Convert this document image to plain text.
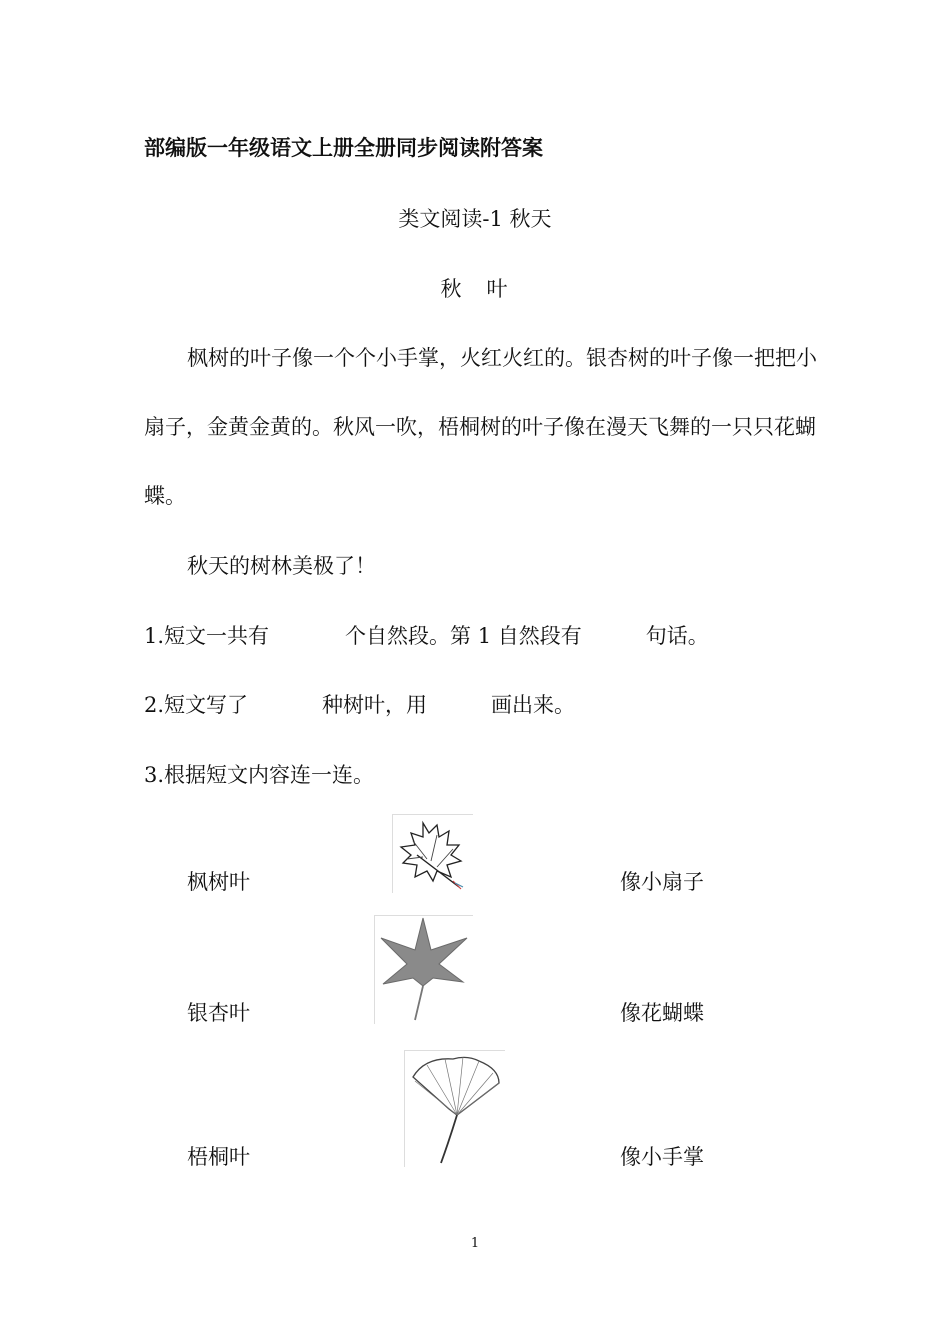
部编版一年级语文上册全册同步阅读附答案
类文阅读-1 秋天
秋　叶
枫树的叶子像一个个小手掌，火红火红的。银杏树的叶子像一把把小
扇子，金黄金黄的。秋风一吹，梧桐树的叶子像在漫天飞舞的一只只花蝴
蝶。
秋天的树林美极了！
1.短文一共有	个自然段。第 1 自然段有	句话。
2.短文写了	种树叶，用	画出来。
3.根据短文内容连一连。
枫树叶
银杏叶
梧桐叶
像小扇子
像花蝴蝶
像小手掌
1
